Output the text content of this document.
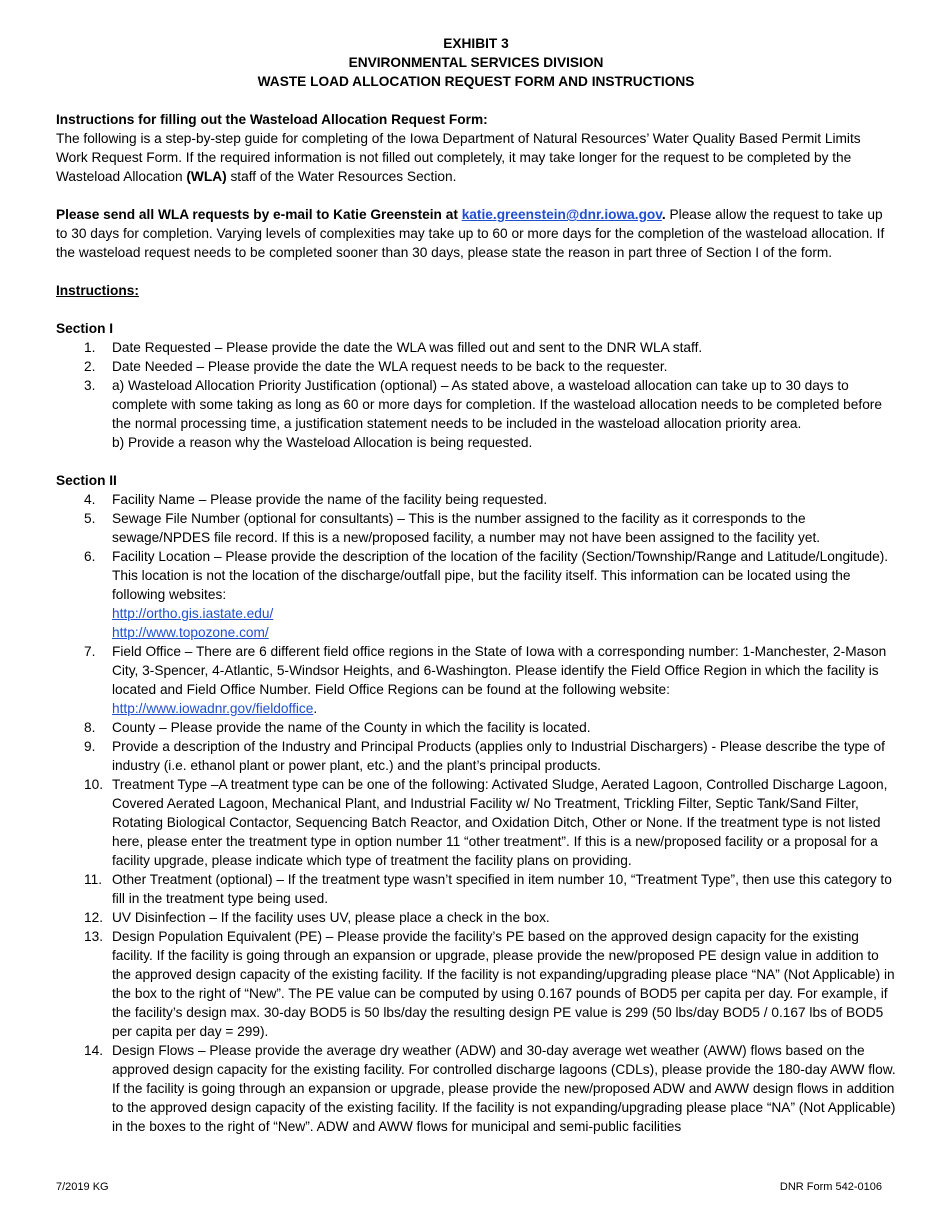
EXHIBIT 3
ENVIRONMENTAL SERVICES DIVISION
WASTE LOAD ALLOCATION REQUEST FORM AND INSTRUCTIONS

Instructions for filling out the Wasteload Allocation Request Form:

The following is a step-by-step guide for completing of the Iowa Department of Natural Resources’ Water Quality Based Permit Limits Work Request Form. If the required information is not filled out completely, it may take longer for the request to be completed by the Wasteload Allocation (WLA) staff of the Water Resources Section.

Please send all WLA requests by e-mail to Katie Greenstein at katie.greenstein@dnr.iowa.gov. Please allow the request to take up to 30 days for completion. Varying levels of complexities may take up to 60 or more days for the completion of the wasteload allocation. If the wasteload request needs to be completed sooner than 30 days, please state the reason in part three of Section I of the form.

Instructions:

Section I

1.	Date Requested – Please provide the date the WLA was filled out and sent to the DNR WLA staff.
2.	Date Needed – Please provide the date the WLA request needs to be back to the requester.
3.	a) Wasteload Allocation Priority Justification (optional) – As stated above, a wasteload allocation can take up to 30 days to complete with some taking as long as 60 or more days for completion. If the wasteload allocation needs to be completed before the normal processing time, a justification statement needs to be included in the wasteload allocation priority area.
b) Provide a reason why the Wasteload Allocation is being requested.

Section II

4.	Facility Name – Please provide the name of the facility being requested.
5.	Sewage File Number (optional for consultants) – This is the number assigned to the facility as it corresponds to the sewage/NPDES file record. If this is a new/proposed facility, a number may not have been assigned to the facility yet.
6.	Facility Location – Please provide the description of the location of the facility (Section/Township/Range and Latitude/Longitude). This location is not the location of the discharge/outfall pipe, but the facility itself. This information can be located using the following websites:
http://ortho.gis.iastate.edu/
http://www.topozone.com/
7.	Field Office – There are 6 different field office regions in the State of Iowa with a corresponding number: 1-Manchester, 2-Mason City, 3-Spencer, 4-Atlantic, 5-Windsor Heights, and 6-Washington. Please identify the Field Office Region in which the facility is located and Field Office Number. Field Office Regions can be found at the following website:
http://www.iowadnr.gov/fieldoffice.
8.	County – Please provide the name of the County in which the facility is located.
9.	Provide a description of the Industry and Principal Products (applies only to Industrial Dischargers) - Please describe the type of industry (i.e. ethanol plant or power plant, etc.) and the plant’s principal products.
10. Treatment Type –A treatment type can be one of the following: Activated Sludge, Aerated Lagoon, Controlled Discharge Lagoon, Covered Aerated Lagoon, Mechanical Plant, and Industrial Facility w/ No Treatment, Trickling Filter, Septic Tank/Sand Filter, Rotating Biological Contactor, Sequencing Batch Reactor, and Oxidation Ditch, Other or None. If the treatment type is not listed here, please enter the treatment type in option number 11 “other treatment”. If this is a new/proposed facility or a proposal for a facility upgrade, please indicate which type of treatment the facility plans on providing.
11. Other Treatment (optional) – If the treatment type wasn’t specified in item number 10, “Treatment Type”, then use this category to fill in the treatment type being used.
12. UV Disinfection – If the facility uses UV, please place a check in the box.
13. Design Population Equivalent (PE) – Please provide the facility’s PE based on the approved design capacity for the existing facility. If the facility is going through an expansion or upgrade, please provide the new/proposed PE design value in addition to the approved design capacity of the existing facility. If the facility is not expanding/upgrading please place “NA” (Not Applicable) in the box to the right of “New”. The PE value can be computed by using 0.167 pounds of BOD5 per capita per day. For example, if the facility’s design max. 30-day BOD5 is 50 lbs/day the resulting design PE value is 299 (50 lbs/day BOD5 / 0.167 lbs of BOD5 per capita per day = 299).
14. Design Flows – Please provide the average dry weather (ADW) and 30-day average wet weather (AWW) flows based on the approved design capacity for the existing facility. For controlled discharge lagoons (CDLs), please provide the 180-day AWW flow. If the facility is going through an expansion or upgrade, please provide the new/proposed ADW and AWW design flows in addition to the approved design capacity of the existing facility. If the facility is not expanding/upgrading please place “NA” (Not Applicable) in the boxes to the right of “New”. ADW and AWW flows for municipal and semi-public facilities
7/2019 KG	DNR Form 542-0106
